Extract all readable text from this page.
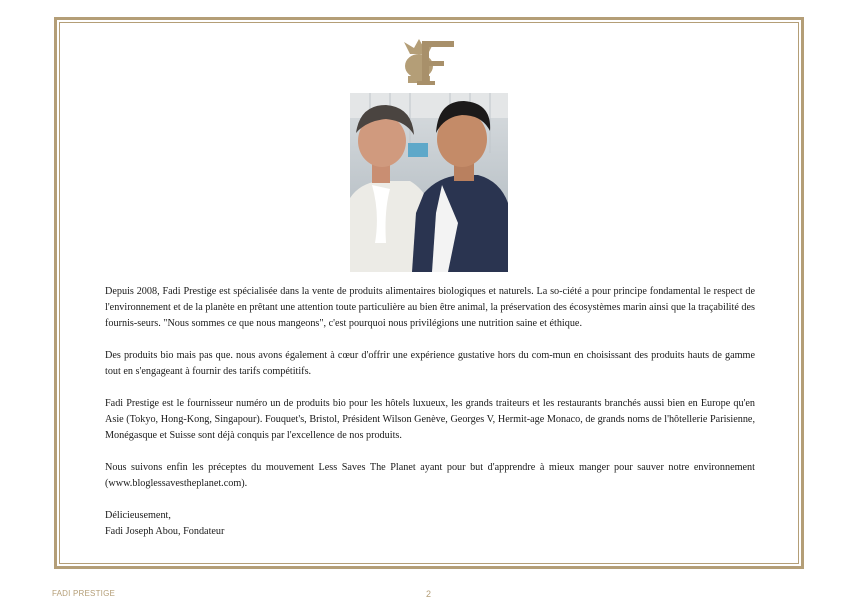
Depuis 2008, Fadi Prestige est spécialisée dans la vente de produits alimentaires biologiques et naturels. La so-ciété a pour principe fondamental le respect de l'environnement et de la planète en prêtant une attention toute particulière au bien être animal, la préservation des écosystèmes marin ainsi que la traçabilité des fournis-seurs. "Nous sommes ce que nous mangeons", c'est pourquoi nous privilégions une nutrition saine et éthique.

Des produits bio mais pas que. nous avons également à cœur d'offrir une expérience gustative hors du com-mun en choisissant des produits hauts de gamme tout en s'engageant à fournir des tarifs compétitifs.

Fadi Prestige est le fournisseur numéro un de produits bio pour les hôtels luxueux, les grands traiteurs et les restaurants branchés aussi bien en Europe qu'en Asie (Tokyo, Hong-Kong, Singapour). Fouquet's, Bristol, Président Wilson Genève, Georges V, Hermit-age Monaco, de grands noms de l'hôtellerie Parisienne, Monégasque et Suisse sont déjà conquis par l'excellence de nos produits.

Nous suivons enfin les préceptes du mouvement Less Saves The Planet ayant pour but d'apprendre à mieux manger pour sauver notre environnement (www.bloglessavestheplanet.com).

Délicieusement,

Fadi Joseph Abou, Fondateur

FADI PRESTIGE	2
